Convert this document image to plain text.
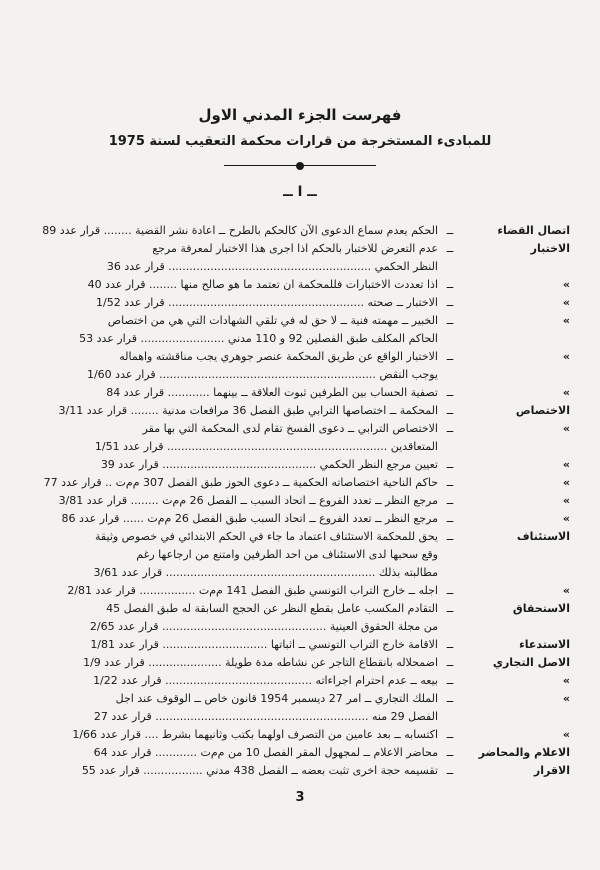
فهرست الجزء المدني الاول
للمبادىء المستخرجة من قرارات محكمة التعقيب لسنة 1975
ــ ا ــ
اتصال القضاء
ــ
الحكم يعدم سماع الدعوى الآن كالحكم بالطرح ــ اعادة نشر القضية ........ قرار عدد 89
الاختبار
ــ
عدم التعرض للاختبار بالحكم اذا اجرى هذا الاختبار لمعرفة مرجع
النظر الحكمي .......................................................... قرار عدد 36
»
ــ
اذا تعددت الاختبارات فللمحكمة ان تعتمد ما هو صالح منها ........ قرار عدد 40
»
ــ
الاختبار ــ صحته ........................................................ قرار عدد 1/52
»
ــ
الخبير ــ مهمته فنية ــ لا حق له في تلقي الشهادات التي هي من اختصاص
الحاكم المكلف طبق الفصلين 92 و 110 مدني ........................ قرار عدد 53
»
ــ
الاختبار الواقع عن طريق المحكمة عنصر جوهري يجب مناقشته واهماله
يوجب النقض .............................................................. قرار عدد 1/60
»
ــ
تصفية الحساب بين الطرفين ثبوت العلاقة ــ بينهما ............ قرار عدد 84
الاختصاص
ــ
المحكمة ــ اختصاصها الترابي طبق الفصل 36 مرافعات مدنية ........ قرار عدد 3/11
»
ــ
الاختصاص الترابي ــ دعوى الفسخ تقام لدى المحكمة التي بها مقر
المتعاقدين ............................................................... قرار عدد 1/51
»
ــ
تعيين مرجع النظر الحكمي ............................................ قرار عدد 39
»
ــ
حاكم الناحية اختصاصاته الحكمية ــ دعوى الحوز طبق الفصل 307 م‌م‌ت .. قرار عدد 77
»
ــ
مرجع النظر ــ تعدد الفروع ــ اتحاد السبب ــ الفصل 26 م‌م‌ت ........ قرار عدد 3/81
»
ــ
مرجع النظر ــ تعدد الفروع ــ اتحاد السبب طبق الفصل 26 م‌م‌ت ...... قرار عدد 86
الاستئناف
ــ
يحق للمحكمة الاستئناف اعتماد ما جاء في الحكم الابتدائي في خصوص وثيقة
وقع سحبها لدى الاستئناف من احد الطرفين وامتنع من ارجاعها رغم
مطالبته بذلك ............................................................ قرار عدد 3/61
»
ــ
اجله ــ خارج التراب التونسي طبق الفصل 141 م‌م‌ت ................ قرار عدد 2/81
الاستحقاق
ــ
التقادم المكسب عامل بقطع النظر عن الحجج السابقة له طبق الفصل 45
من مجلة الحقوق العينية ............................................... قرار عدد 2/65
الاستدعاء
ــ
الاقامة خارج التراب التونسي ــ اثباتها .............................. قرار عدد 1/81
الاصل التجاري
ــ
اضمحلاله بانقطاع التاجر عن نشاطه مدة طويلة ..................... قرار عدد 1/9
»
ــ
بيعه ــ عدم احترام اجراءاته .......................................... قرار عدد 1/22
»
ــ
الملك التجاري ــ امر 27 ديسمبر 1954 قانون خاص ــ الوقوف عند اجل
الفصل 29 منه ............................................................. قرار عدد 27
»
ــ
اكتسابه ــ بعد عامين من التصرف اولهما بكتب وثانيهما بشرط .... قرار عدد 1/66
الاعلام والمحاضر
ــ
محاضر الاعلام ــ لمجهول المقر الفصل 10 من م‌م‌ت ............ قرار عدد 64
الاقرار
ــ
تقسيمه حجة اخرى تثبت بعضه ــ الفصل 438 مدني ................. قرار عدد 55
3
